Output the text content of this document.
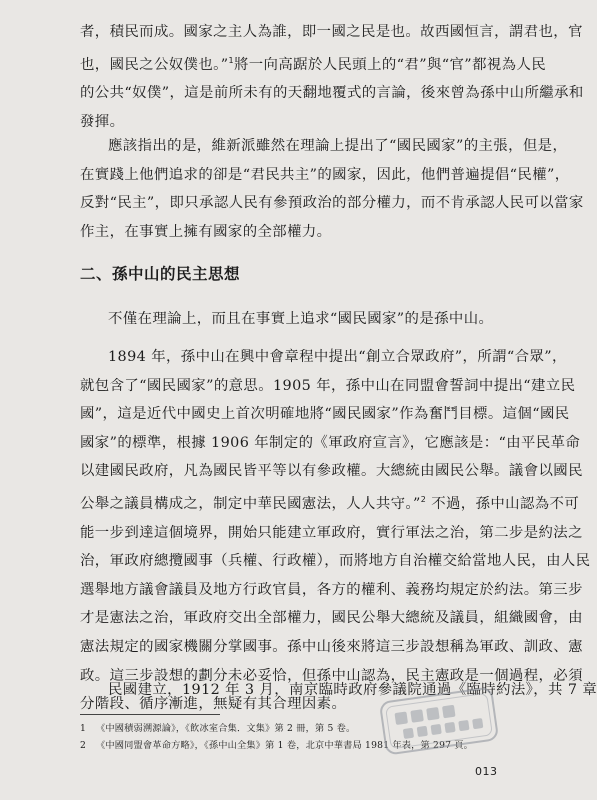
者，積民而成。國家之主人為誰，即一國之民是也。故西國恒言，謂君也，官
也，國民之公奴僕也。”$^1$將一向高踞於人民頭上的“君”與“官”都視為人民
的公共“奴僕”，這是前所未有的天翻地覆式的言論，後來曾為孫中山所繼承和
發揮。
應該指出的是，維新派雖然在理論上提出了“國民國家”的主張，但是，
在實踐上他們追求的卻是“君民共主”的國家，因此，他們普遍提倡“民權”，
反對“民主”，即只承認人民有參預政治的部分權力，而不肯承認人民可以當家
作主，在事實上擁有國家的全部權力。
二、孫中山的民主思想
不僅在理論上，而且在事實上追求“國民國家”的是孫中山。
1894 年，孫中山在興中會章程中提出“創立合眾政府”，所謂“合眾”，
就包含了“國民國家”的意思。1905 年，孫中山在同盟會誓詞中提出“建立民
國”，這是近代中國史上首次明確地將“國民國家”作為奮鬥目標。這個“國民
國家”的標準，根據 1906 年制定的《軍政府宣言》，它應該是：“由平民革命
以建國民政府，凡為國民皆平等以有參政權。大總統由國民公舉。議會以國民
公舉之議員構成之，制定中華民國憲法，人人共守。”$^2$ 不過，孫中山認為不可
能一步到達這個境界，開始只能建立軍政府，實行軍法之治，第二步是約法之
治，軍政府總攬國事（兵權、行政權），而將地方自治權交給當地人民，由人民
選舉地方議會議員及地方行政官員，各方的權利、義務均規定於約法。第三步
才是憲法之治，軍政府交出全部權力，國民公舉大總統及議員，組織國會，由
憲法規定的國家機關分掌國事。孫中山後來將這三步設想稱為軍政、訓政、憲
政。這三步設想的劃分未必妥恰，但孫中山認為，民主憲政是一個過程，必須
分階段、循序漸進，無疑有其合理因素。
民國建立，1912 年 3 月，南京臨時政府參議院通過《臨時約法》，共 7 章
1 《中國積弱溯源論》，《飲冰室合集．文集》第 2 冊，第 5 卷。
2 《中國同盟會革命方略》，《孫中山全集》第 1 卷，北京中華書局 1981 年表，第 297 頁。
013
